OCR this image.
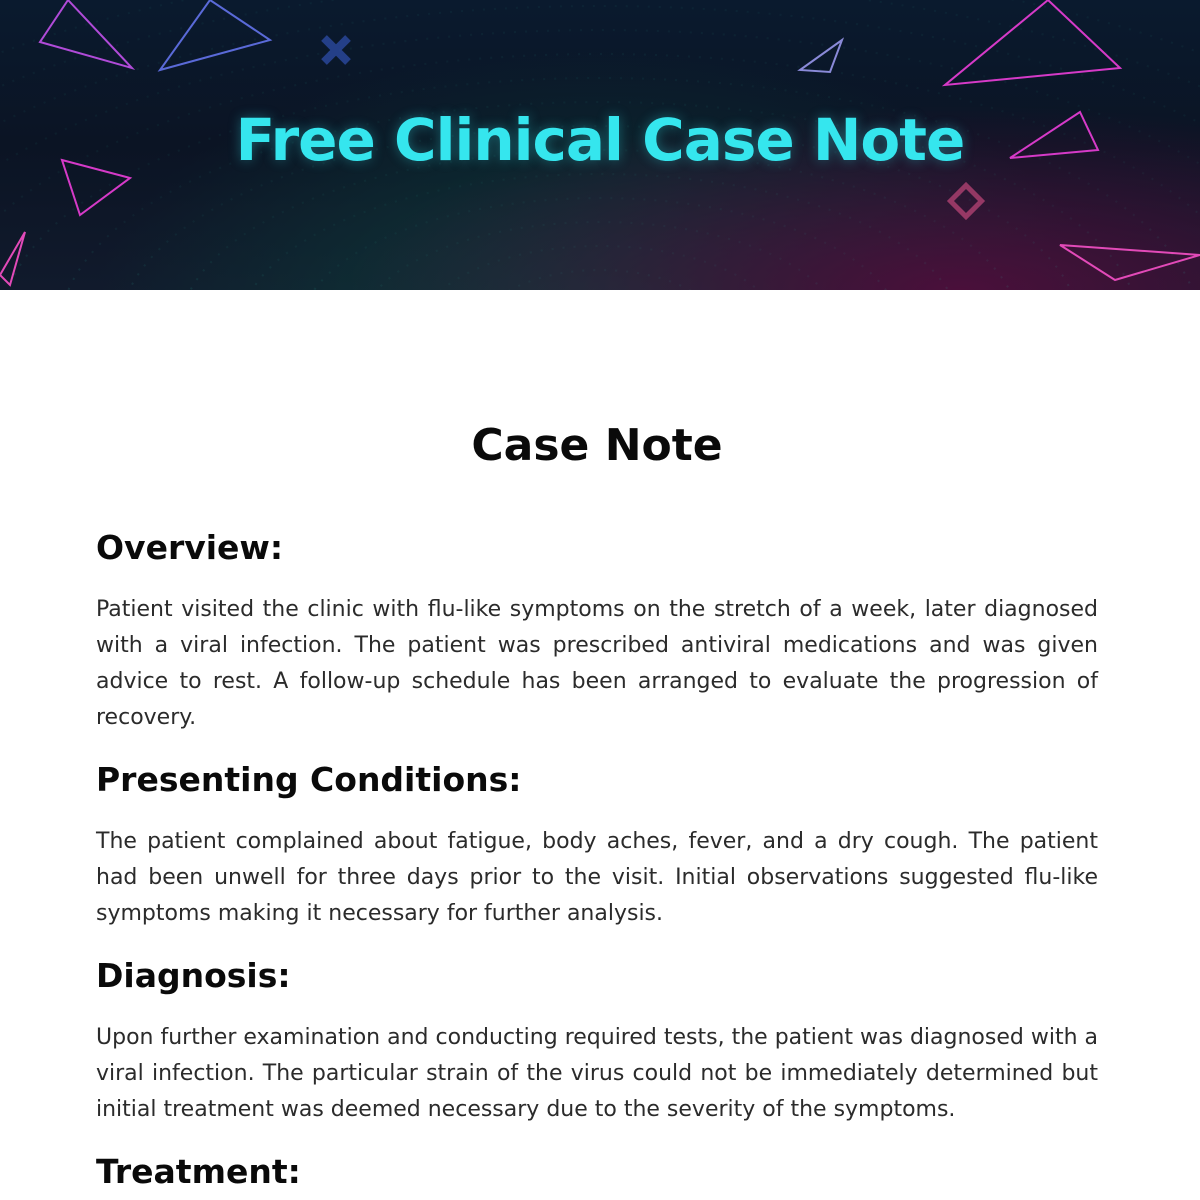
Free Clinical Case Note
Case Note
Overview:

Patient visited the clinic with flu-like symptoms on the stretch of a week, later diagnosed with a viral infection. The patient was prescribed antiviral medications and was given advice to rest. A follow-up schedule has been arranged to evaluate the progression of recovery.

Presenting Conditions:

The patient complained about fatigue, body aches, fever, and a dry cough. The patient had been unwell for three days prior to the visit. Initial observations suggested flu-like symptoms making it necessary for further analysis.

Diagnosis:

Upon further examination and conducting required tests, the patient was diagnosed with a viral infection. The particular strain of the virus could not be immediately determined but initial treatment was deemed necessary due to the severity of the symptoms.

Treatment:
